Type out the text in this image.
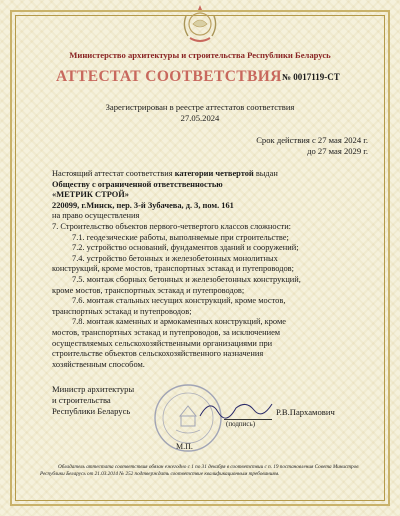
Министерство архитектуры и строительства Республики Беларусь
АТТЕСТАТ СООТВЕТСТВИЯ № 0017119-СТ
Зарегистрирован в реестре аттестатов соответствия
27.05.2024
Срок действия с 27 мая 2024 г.
до 27 мая 2029 г.
Настоящий аттестат соответствия категории четвертой выдан
Обществу с ограниченной ответственностью
«МЕТРИК СТРОЙ»
220099, г.Минск, пер. 3-й Зубачева, д. 3, пом. 161
на право осуществления
7. Строительство объектов первого-четвертого классов сложности:
7.1. геодезические работы, выполняемые при строительстве;
7.2. устройство оснований, фундаментов зданий и сооружений;
7.4. устройство бетонных и железобетонных монолитных
конструкций, кроме мостов, транспортных эстакад и путепроводов;
7.5. монтаж сборных бетонных и железобетонных конструкций,
кроме мостов, транспортных эстакад и путепроводов;
7.6. монтаж стальных несущих конструкций, кроме мостов,
транспортных эстакад и путепроводов;
7.8. монтаж каменных и армокаменных конструкций, кроме
мостов, транспортных эстакад и путепроводов, за исключением
осуществляемых сельскохозяйственными организациями при
строительстве объектов сельскохозяйственного назначения
хозяйственным способом.
Министр архитектуры
и строительства
Республики Беларусь
(подпись)
Р.В.Пархамович
М.П.
Обладатель аттестата соответствия обязан ежегодно с 1 по 31 декабря в соответствии с п. 19 постановления Совета Министров Республики Беларусь от 21.03.2014 № 252 подтверждать соответствие квалификационным требованиям.
